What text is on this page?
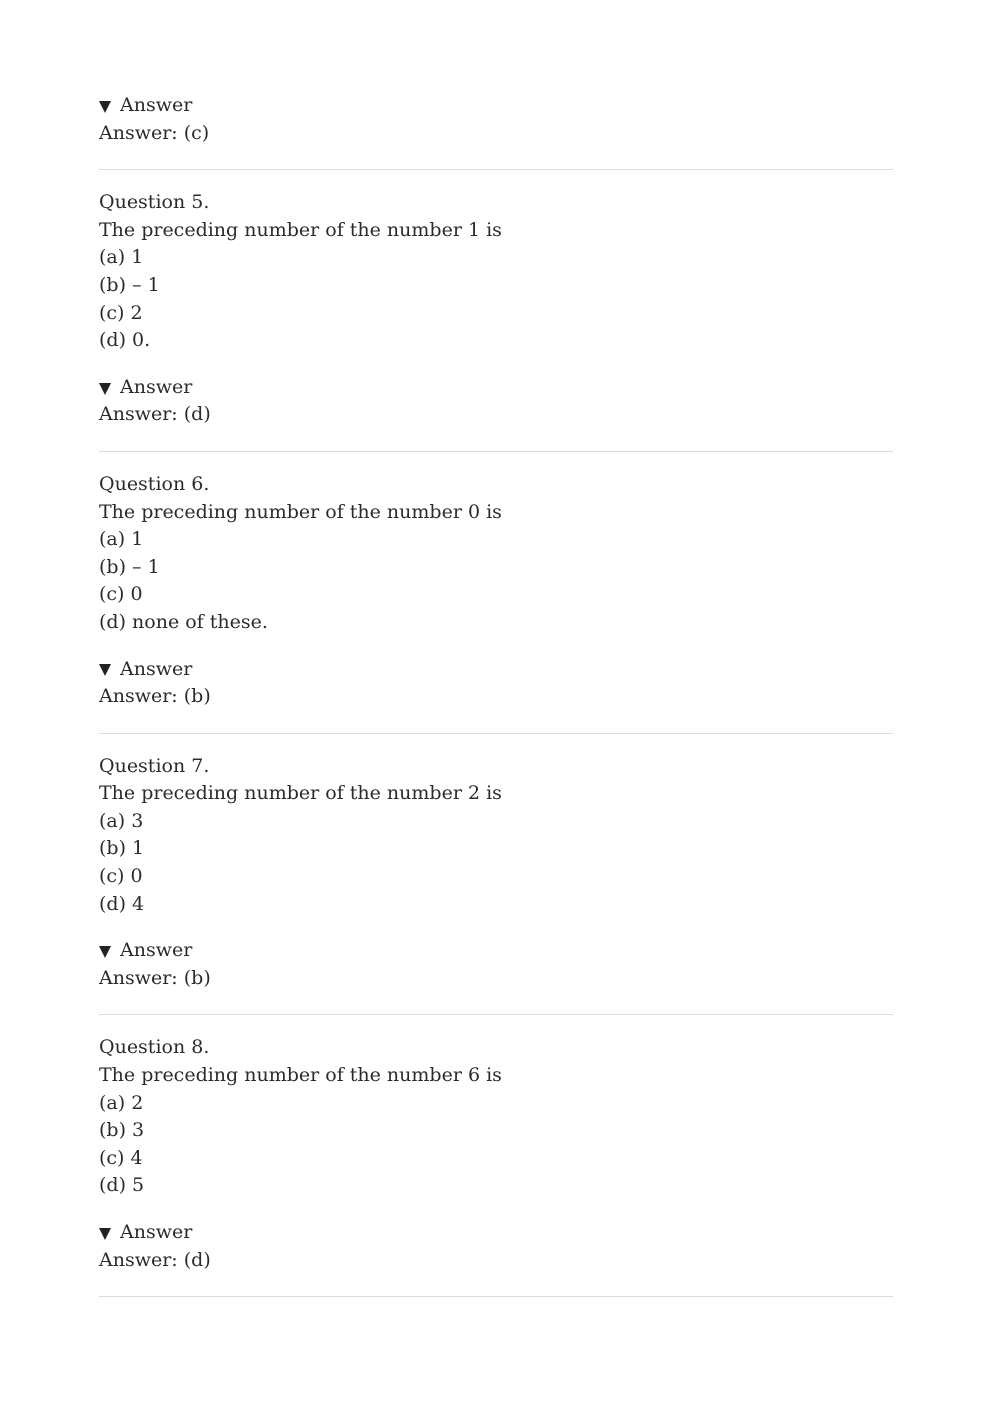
Answer
Answer: (c)
Question 5.
The preceding number of the number 1 is
(a) 1
(b) – 1
(c) 2
(d) 0.
Answer
Answer: (d)
Question 6.
The preceding number of the number 0 is
(a) 1
(b) – 1
(c) 0
(d) none of these.
Answer
Answer: (b)
Question 7.
The preceding number of the number 2 is
(a) 3
(b) 1
(c) 0
(d) 4
Answer
Answer: (b)
Question 8.
The preceding number of the number 6 is
(a) 2
(b) 3
(c) 4
(d) 5
Answer
Answer: (d)
